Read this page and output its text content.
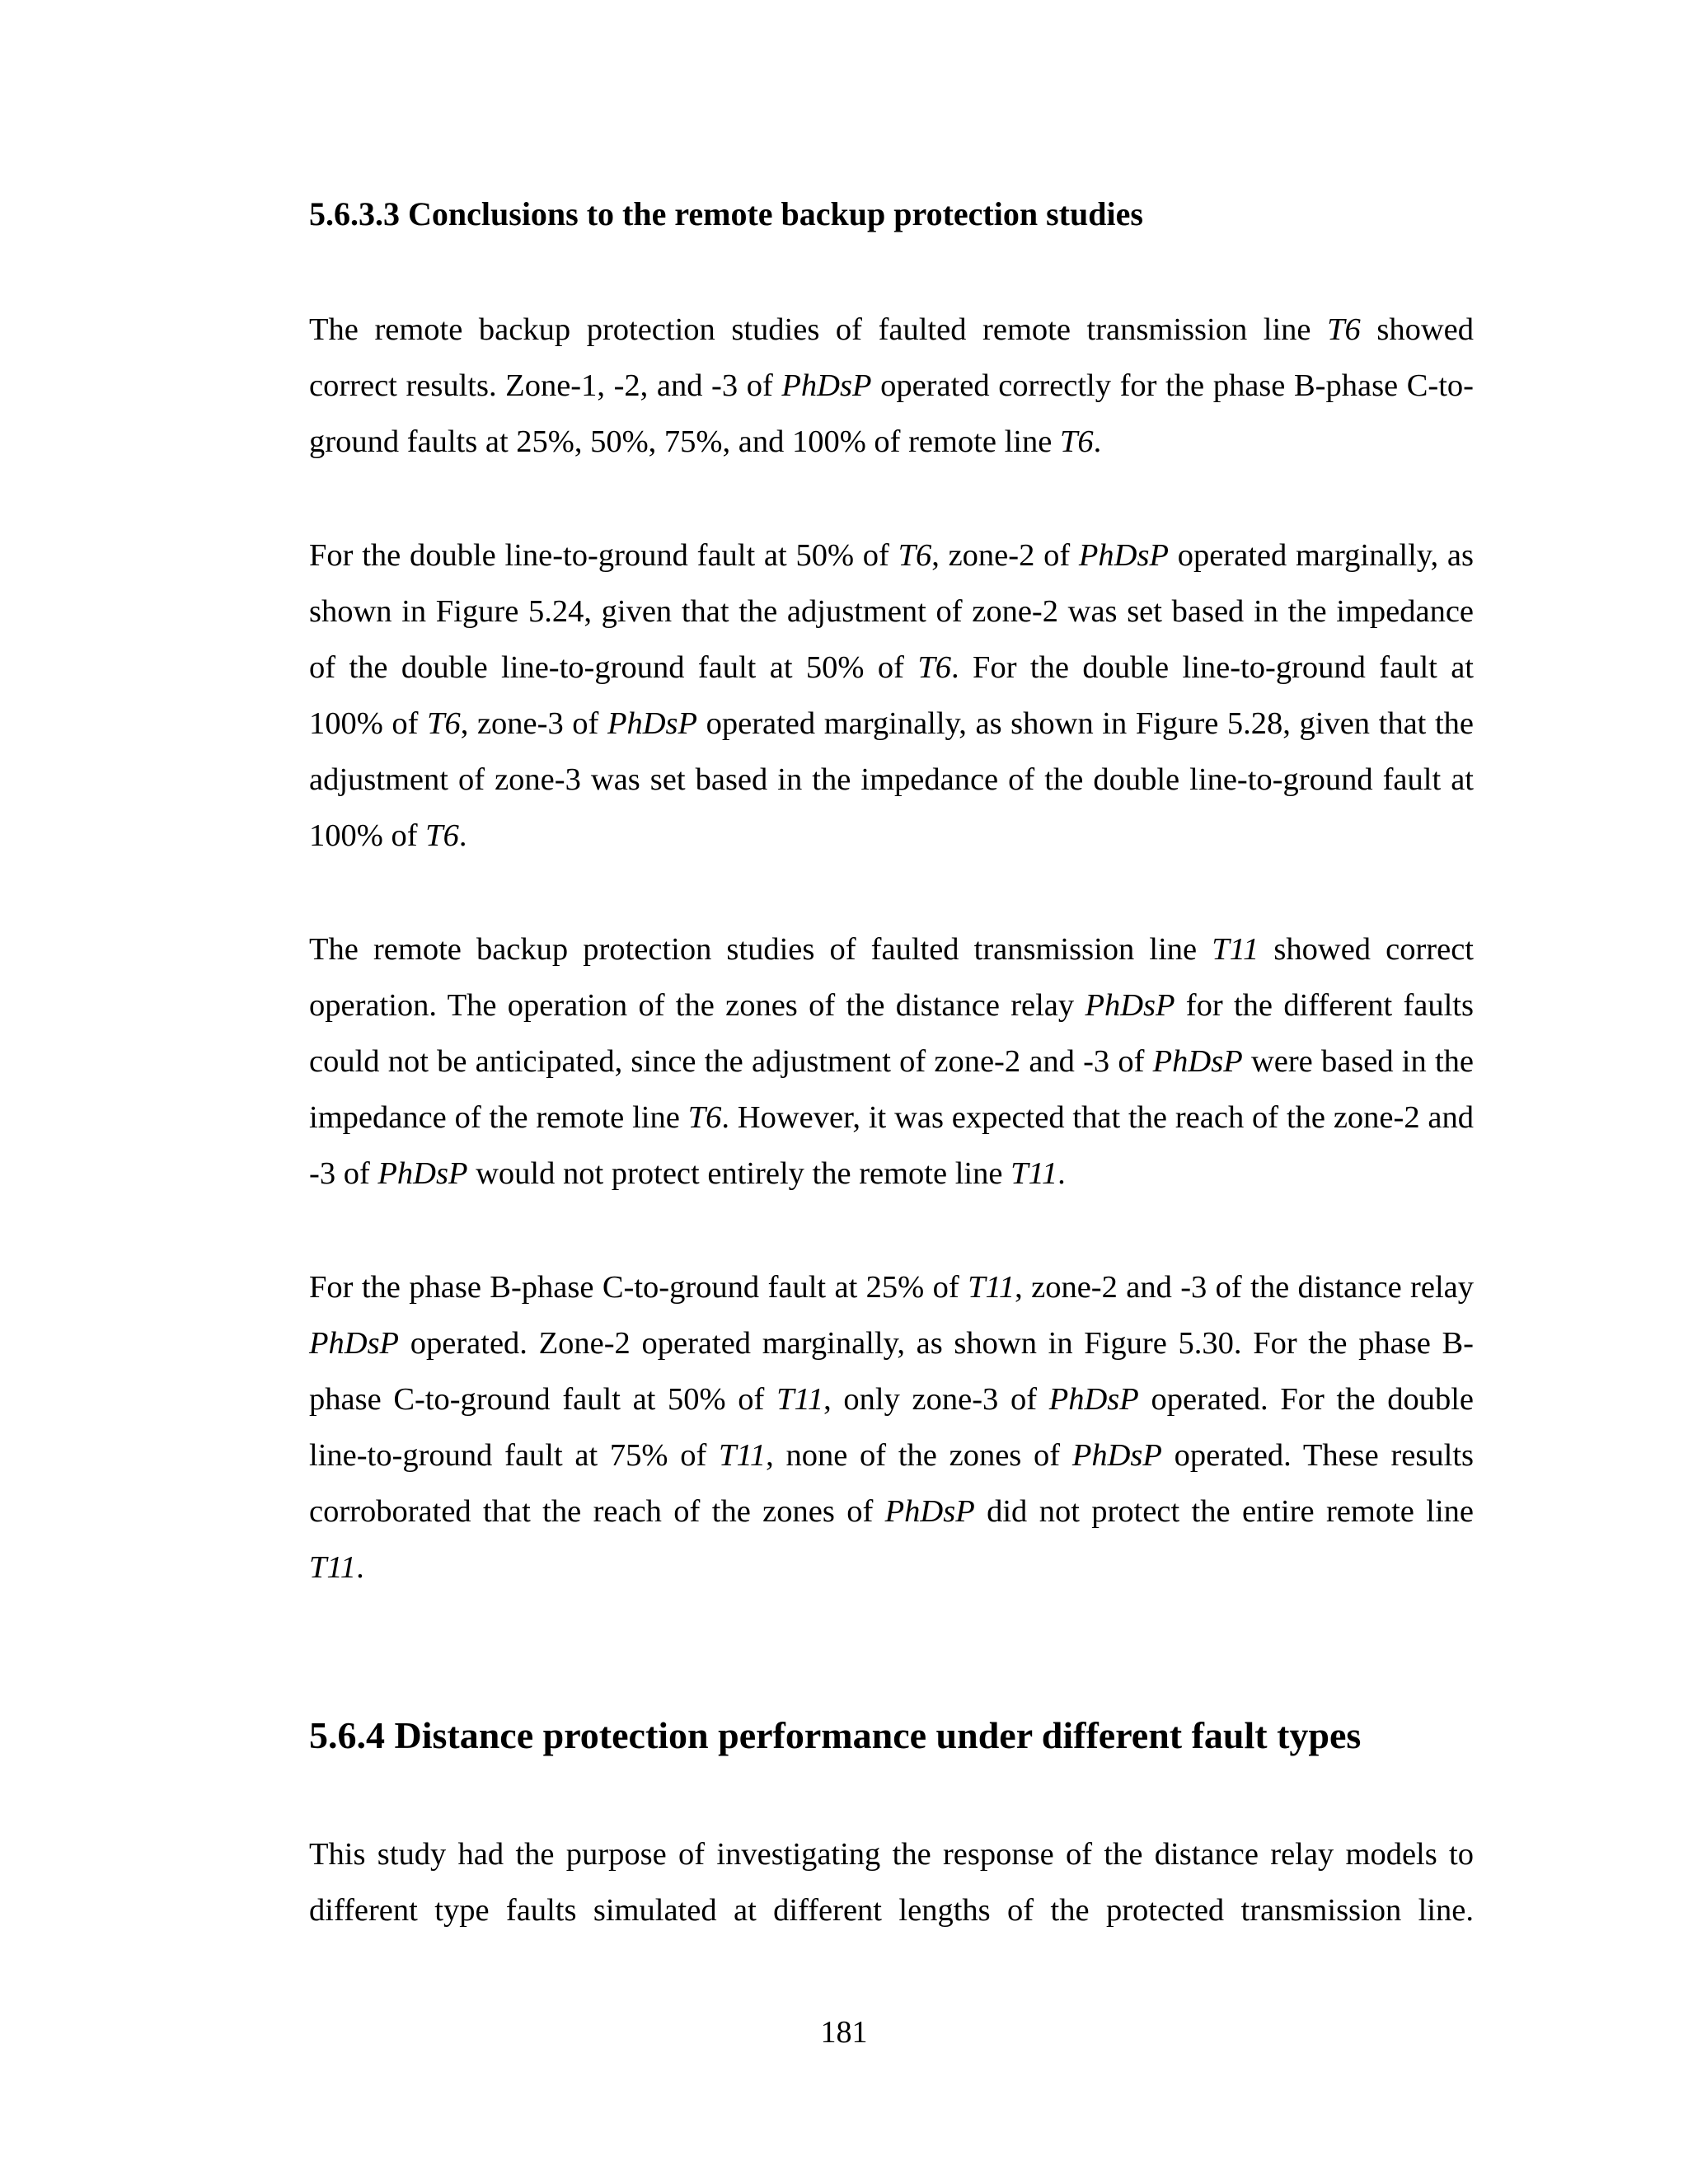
5.6.3.3 Conclusions to the remote backup protection studies

The remote backup protection studies of faulted remote transmission line T6 showed correct results. Zone-1, -2, and -3 of PhDsP operated correctly for the phase B-phase C-to-ground faults at 25%, 50%, 75%, and 100% of remote line T6.

For the double line-to-ground fault at 50% of T6, zone-2 of PhDsP operated marginally, as shown in Figure 5.24, given that the adjustment of zone-2 was set based in the impedance of the double line-to-ground fault at 50% of T6. For the double line-to-ground fault at 100% of T6, zone-3 of PhDsP operated marginally, as shown in Figure 5.28, given that the adjustment of zone-3 was set based in the impedance of the double line-to-ground fault at 100% of T6.

The remote backup protection studies of faulted transmission line T11 showed correct operation. The operation of the zones of the distance relay PhDsP for the different faults could not be anticipated, since the adjustment of zone-2 and -3 of PhDsP were based in the impedance of the remote line T6. However, it was expected that the reach of the zone-2 and -3 of PhDsP would not protect entirely the remote line T11.

For the phase B-phase C-to-ground fault at 25% of T11, zone-2 and -3 of the distance relay PhDsP operated. Zone-2 operated marginally, as shown in Figure 5.30. For the phase B-phase C-to-ground fault at 50% of T11, only zone-3 of PhDsP operated. For the double line-to-ground fault at 75% of T11, none of the zones of PhDsP operated. These results corroborated that the reach of the zones of PhDsP did not protect the entire remote line T11.

5.6.4 Distance protection performance under different fault types

This study had the purpose of investigating the response of the distance relay models to different type faults simulated at different lengths of the protected transmission line.

181
